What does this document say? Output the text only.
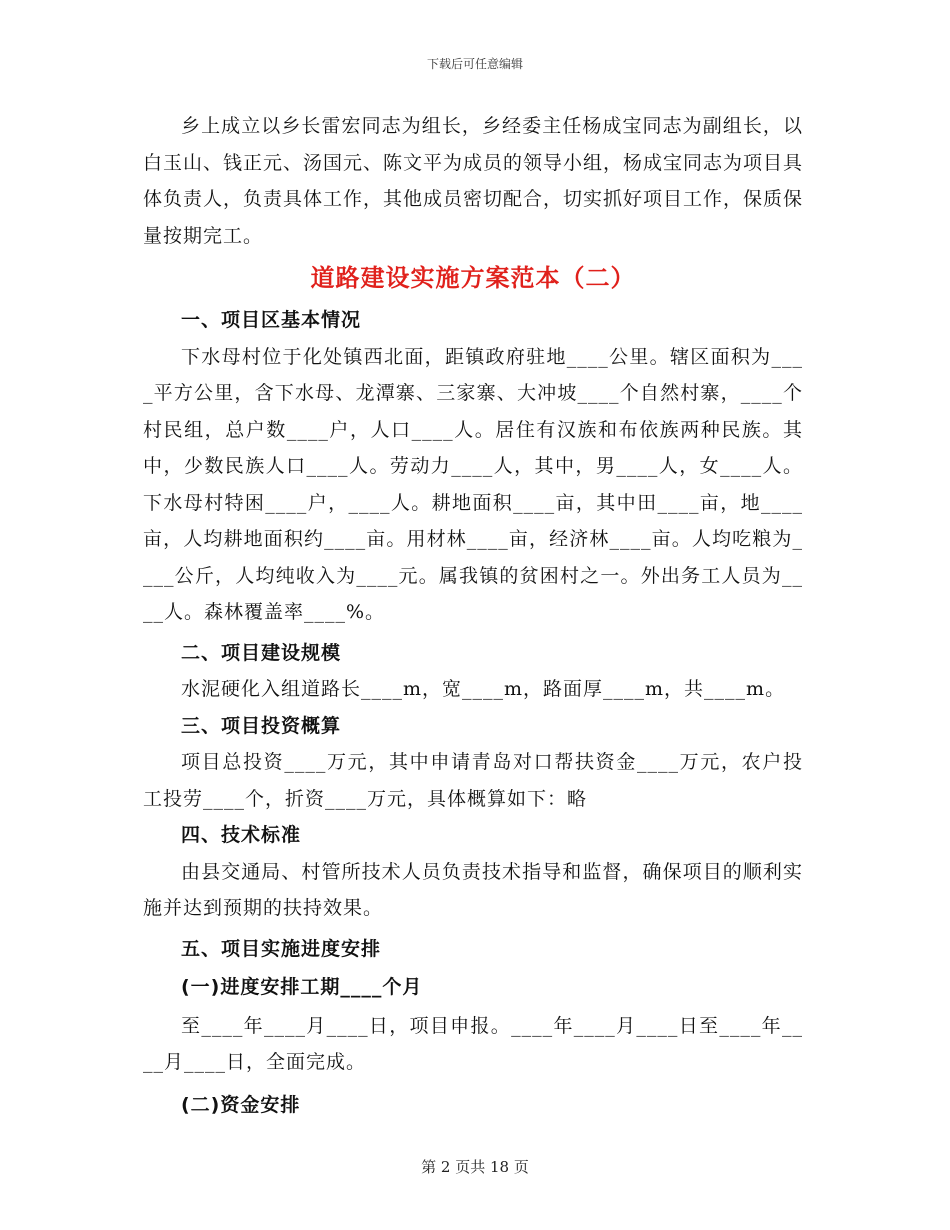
下载后可任意编辑

乡上成立以乡长雷宏同志为组长，乡经委主任杨成宝同志为副组长，以白玉山、钱正元、汤国元、陈文平为成员的领导小组，杨成宝同志为项目具体负责人，负责具体工作，其他成员密切配合，切实抓好项目工作，保质保量按期完工。

道路建设实施方案范本（二）

一、项目区基本情况

下水母村位于化处镇西北面，距镇政府驻地____公里。辖区面积为____平方公里，含下水母、龙潭寨、三家寨、大冲坡____个自然村寨，____个村民组，总户数____户，人口____人。居住有汉族和布依族两种民族。其中，少数民族人口____人。劳动力____人，其中，男____人，女____人。下水母村特困____户，____人。耕地面积____亩，其中田____亩，地____亩，人均耕地面积约____亩。用材林____亩，经济林____亩。人均吃粮为____公斤，人均纯收入为____元。属我镇的贫困村之一。外出务工人员为____人。森林覆盖率____%。

二、项目建设规模

水泥硬化入组道路长____m，宽____m，路面厚____m，共____m。

三、项目投资概算

项目总投资____万元，其中申请青岛对口帮扶资金____万元，农户投工投劳____个，折资____万元，具体概算如下：略

四、技术标准

由县交通局、村管所技术人员负责技术指导和监督，确保项目的顺利实施并达到预期的扶持效果。

五、项目实施进度安排

(一)进度安排工期____个月

至____年____月____日，项目申报。____年____月____日至____年____月____日，全面完成。

(二)资金安排

第 2 页共 18 页
